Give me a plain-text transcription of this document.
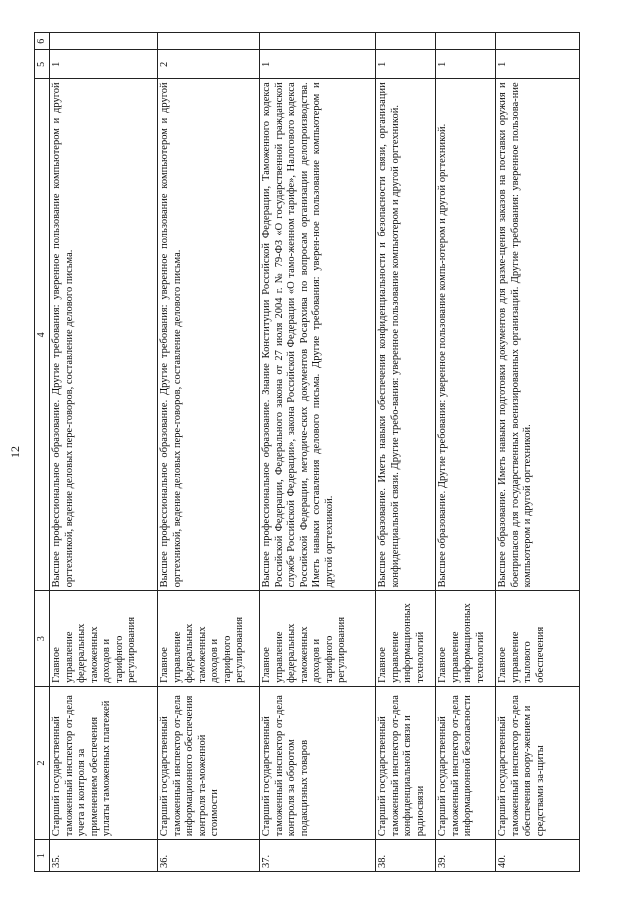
12
1	2	3	4	5	6
35.	Старший государственный таможенный инспектор от-дела учета и контроля за применением обеспечения уплаты таможенных платежей	Главное управление федеральных таможенных доходов и тарифного регулирования	Высшее профессиональное образование. Другие требования: уверенное пользование компьютером и другой оргтехникой, ведение деловых пере-говоров, составление делового письма.	1	
36.	Старший государственный таможенный инспектор от-дела информационного обеспечения контроля та-моженной стоимости	Главное управление федеральных таможенных доходов и тарифного регулирования	Высшее профессиональное образование. Другие требования: уверенное пользование компьютером и другой оргтехникой, ведение деловых пере-говоров, составление делового письма.	2	
37.	Старший государственный таможенный инспектор от-дела контроля за оборотом подакцизных товаров	Главное управление федеральных таможенных доходов и тарифного регулирования	Высшее профессиональное образование. Знание Конституции Российской Федерации, Таможенного кодекса Российской Федерации, Федерального закона от 27 июля 2004 г. № 79-ФЗ «О государственной гражданской службе Российской Федерации», закона Российской Федерации «О тамо-женном тарифе», Налогового кодекса Российской Федерации, методиче-ских документов Росархива по вопросам организации делопроизводства. Иметь навыки составления делового письма. Другие требования: уверен-ное пользование компьютером и другой оргтехникой.	1	
38.	Старший государственный таможенный инспектор от-дела конфиденциальной связи и радиосвязи	Главное управление информационных технологий	Высшее образование. Иметь навыки обеспечения конфиденциальности и безопасности связи, организации конфиденциальной связи. Другие требо-вания: уверенное пользование компьютером и другой оргтехникой.	1	
39.	Старший государственный таможенный инспектор от-дела информационной безопасности	Главное управление информационных технологий	Высшее образование. Другие требования: уверенное пользование компь-ютером и другой оргтехникой.	1	
40.	Старший государственный таможенный инспектор от-дела обеспечения воору-жением и средствами за-щиты	Главное управление тылового обеспечения	Высшее образование. Иметь навыки подготовки документов для разме-щения заказов на поставки оружия и боеприпасов для государственных военизированных организаций. Другие требования: уверенное пользова-ние компьютером и другой оргтехникой.	1	
